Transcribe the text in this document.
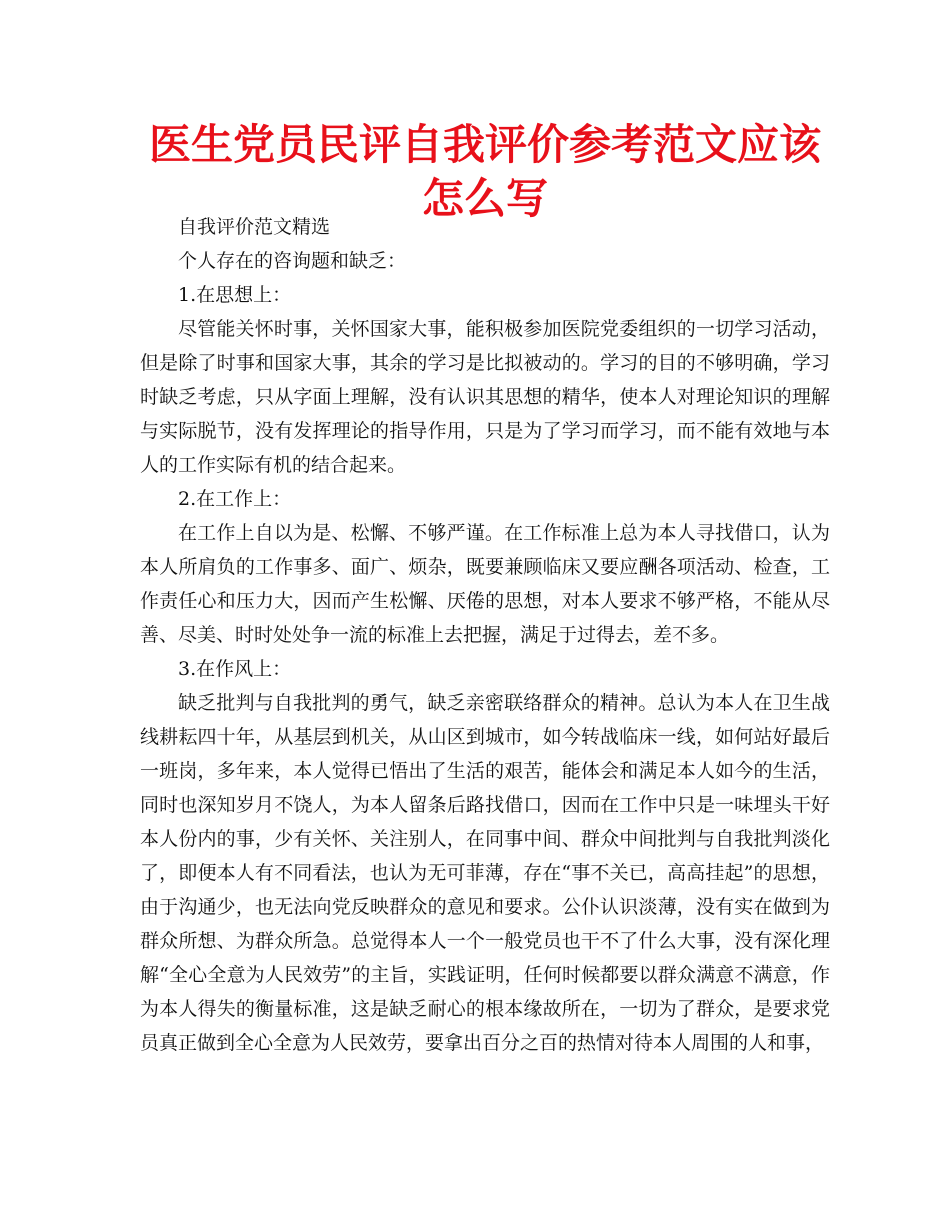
医生党员民评自我评价参考范文应该怎么写

自我评价范文精选

个人存在的咨询题和缺乏：

1.在思想上：

尽管能关怀时事，关怀国家大事，能积极参加医院党委组织的一切学习活动，但是除了时事和国家大事，其余的学习是比拟被动的。学习的目的不够明确，学习时缺乏考虑，只从字面上理解，没有认识其思想的精华，使本人对理论知识的理解与实际脱节，没有发挥理论的指导作用，只是为了学习而学习，而不能有效地与本人的工作实际有机的结合起来。

2.在工作上：

在工作上自以为是、松懈、不够严谨。在工作标准上总为本人寻找借口，认为本人所肩负的工作事多、面广、烦杂，既要兼顾临床又要应酬各项活动、检查，工作责任心和压力大，因而产生松懈、厌倦的思想，对本人要求不够严格，不能从尽善、尽美、时时处处争一流的标准上去把握，满足于过得去，差不多。

3.在作风上：

缺乏批判与自我批判的勇气，缺乏亲密联络群众的精神。总认为本人在卫生战线耕耘四十年，从基层到机关，从山区到城市，如今转战临床一线，如何站好最后一班岗，多年来，本人觉得已悟出了生活的艰苦，能体会和满足本人如今的生活，同时也深知岁月不饶人，为本人留条后路找借口，因而在工作中只是一味埋头干好本人份内的事，少有关怀、关注别人，在同事中间、群众中间批判与自我批判淡化了，即便本人有不同看法，也认为无可菲薄，存在“事不关已，高高挂起”的思想，由于沟通少，也无法向党反映群众的意见和要求。公仆认识淡薄，没有实在做到为群众所想、为群众所急。总觉得本人一个一般党员也干不了什么大事，没有深化理解“全心全意为人民效劳”的主旨，实践证明，任何时候都要以群众满意不满意，作为本人得失的衡量标准，这是缺乏耐心的根本缘故所在，一切为了群众，是要求党员真正做到全心全意为人民效劳，要拿出百分之百的热情对待本人周围的人和事，
